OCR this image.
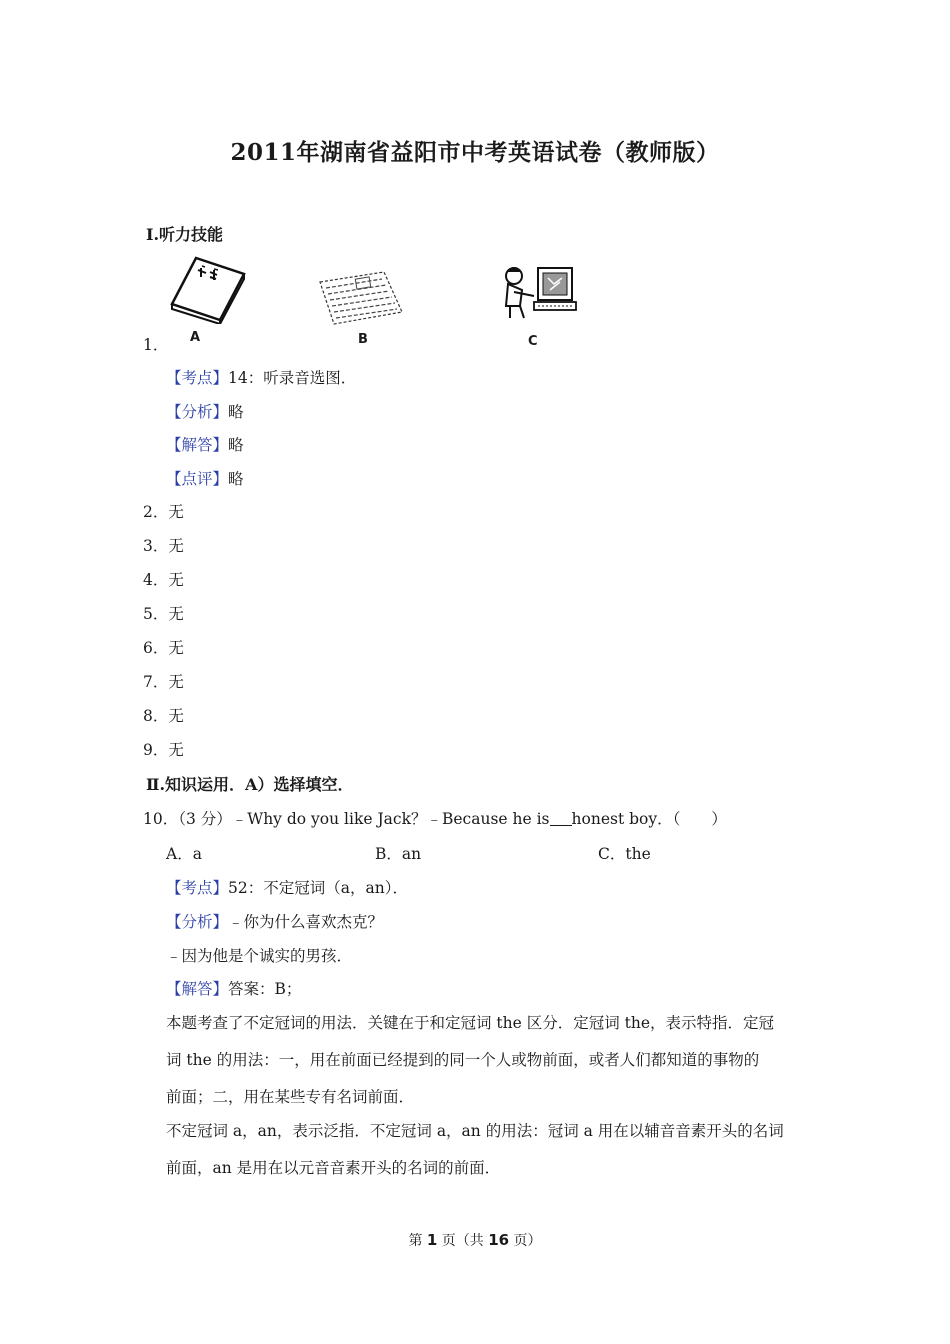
2011年湖南省益阳市中考英语试卷（教师版）
Ⅰ.听力技能
A	B	C
1．
【考点】14：听录音选图．
【分析】略
【解答】略
【点评】略
2．无
3．无
4．无
5．无
6．无
7．无
8．无
9．无
Ⅱ.知识运用．A）选择填空．
10．（3 分）﹣Why do you like Jack？﹣Because he is honest boy．（　　）
A．a	B．an	C．the
【考点】52：不定冠词（a，an）．
【分析】﹣你为什么喜欢杰克？
﹣因为他是个诚实的男孩．
【解答】答案：B；
本题考查了不定冠词的用法．关键在于和定冠词 the 区分．定冠词 the，表示特指．定冠
词 the 的用法：一，用在前面已经提到的同一个人或物前面，或者人们都知道的事物的
前面；二，用在某些专有名词前面．
不定冠词 a，an，表示泛指．不定冠词 a，an 的用法：冠词 a 用在以辅音音素开头的名词
前面，an 是用在以元音音素开头的名词的前面．
第 1 页（共 16 页）
